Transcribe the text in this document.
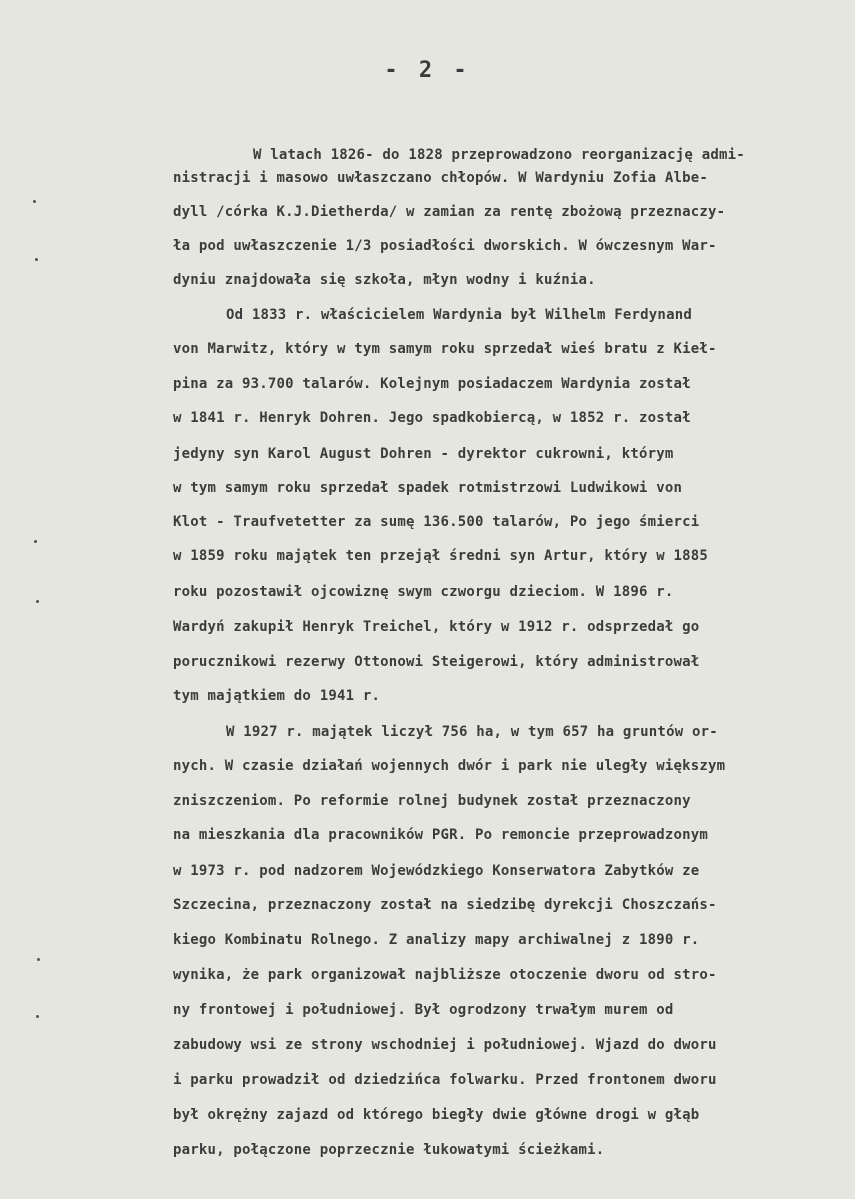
- 2 -
W latach 1826- do 1828 przeprowadzono reorganizację admi-
nistracji i masowo uwłaszczano chłopów. W Wardyniu Zofia Albe-
dyll /córka K.J.Dietherda/ w zamian za rentę zbożową przeznaczy-
ła pod uwłaszczenie 1/3 posiadłości dworskich. W ówczesnym War-
dyniu znajdowała się szkoła, młyn wodny i kuźnia.
Od 1833 r. właścicielem Wardynia był Wilhelm Ferdynand
von Marwitz, który w tym samym roku sprzedał wieś bratu z Kieł-
pina za 93.700 talarów. Kolejnym posiadaczem Wardynia został
w 1841 r. Henryk Dohren. Jego spadkobiercą, w 1852 r. został
jedyny syn Karol August Dohren - dyrektor cukrowni, którym
w tym samym roku sprzedał spadek rotmistrzowi Ludwikowi von
Klot - Traufvetetter za sumę 136.500 talarów, Po jego śmierci
w 1859 roku majątek ten przejął średni syn Artur, który w 1885
roku pozostawił ojcowiznę swym czworgu dzieciom. W 1896 r.
Wardyń zakupił Henryk Treichel, który w 1912 r. odsprzedał go
porucznikowi rezerwy Ottonowi Steigerowi, który administrował
tym majątkiem do 1941 r.
W 1927 r. majątek liczył 756 ha, w tym 657 ha gruntów or-
nych. W czasie działań wojennych dwór i park nie uległy większym
zniszczeniom. Po reformie rolnej budynek został przeznaczony
na mieszkania dla pracowników PGR. Po remoncie przeprowadzonym
w 1973 r. pod nadzorem Wojewódzkiego Konserwatora Zabytków ze
Szczecina, przeznaczony został na siedzibę dyrekcji Choszczańs-
kiego Kombinatu Rolnego. Z analizy mapy archiwalnej z 1890 r.
wynika, że park organizował najbliższe otoczenie dworu od stro-
ny frontowej i południowej. Był ogrodzony trwałym murem od
zabudowy wsi ze strony wschodniej i południowej. Wjazd do dworu
i parku prowadził od dziedzińca folwarku. Przed frontonem dworu
był okrężny zajazd od którego biegły dwie główne drogi w głąb
parku, połączone poprzecznie łukowatymi ścieżkami.
